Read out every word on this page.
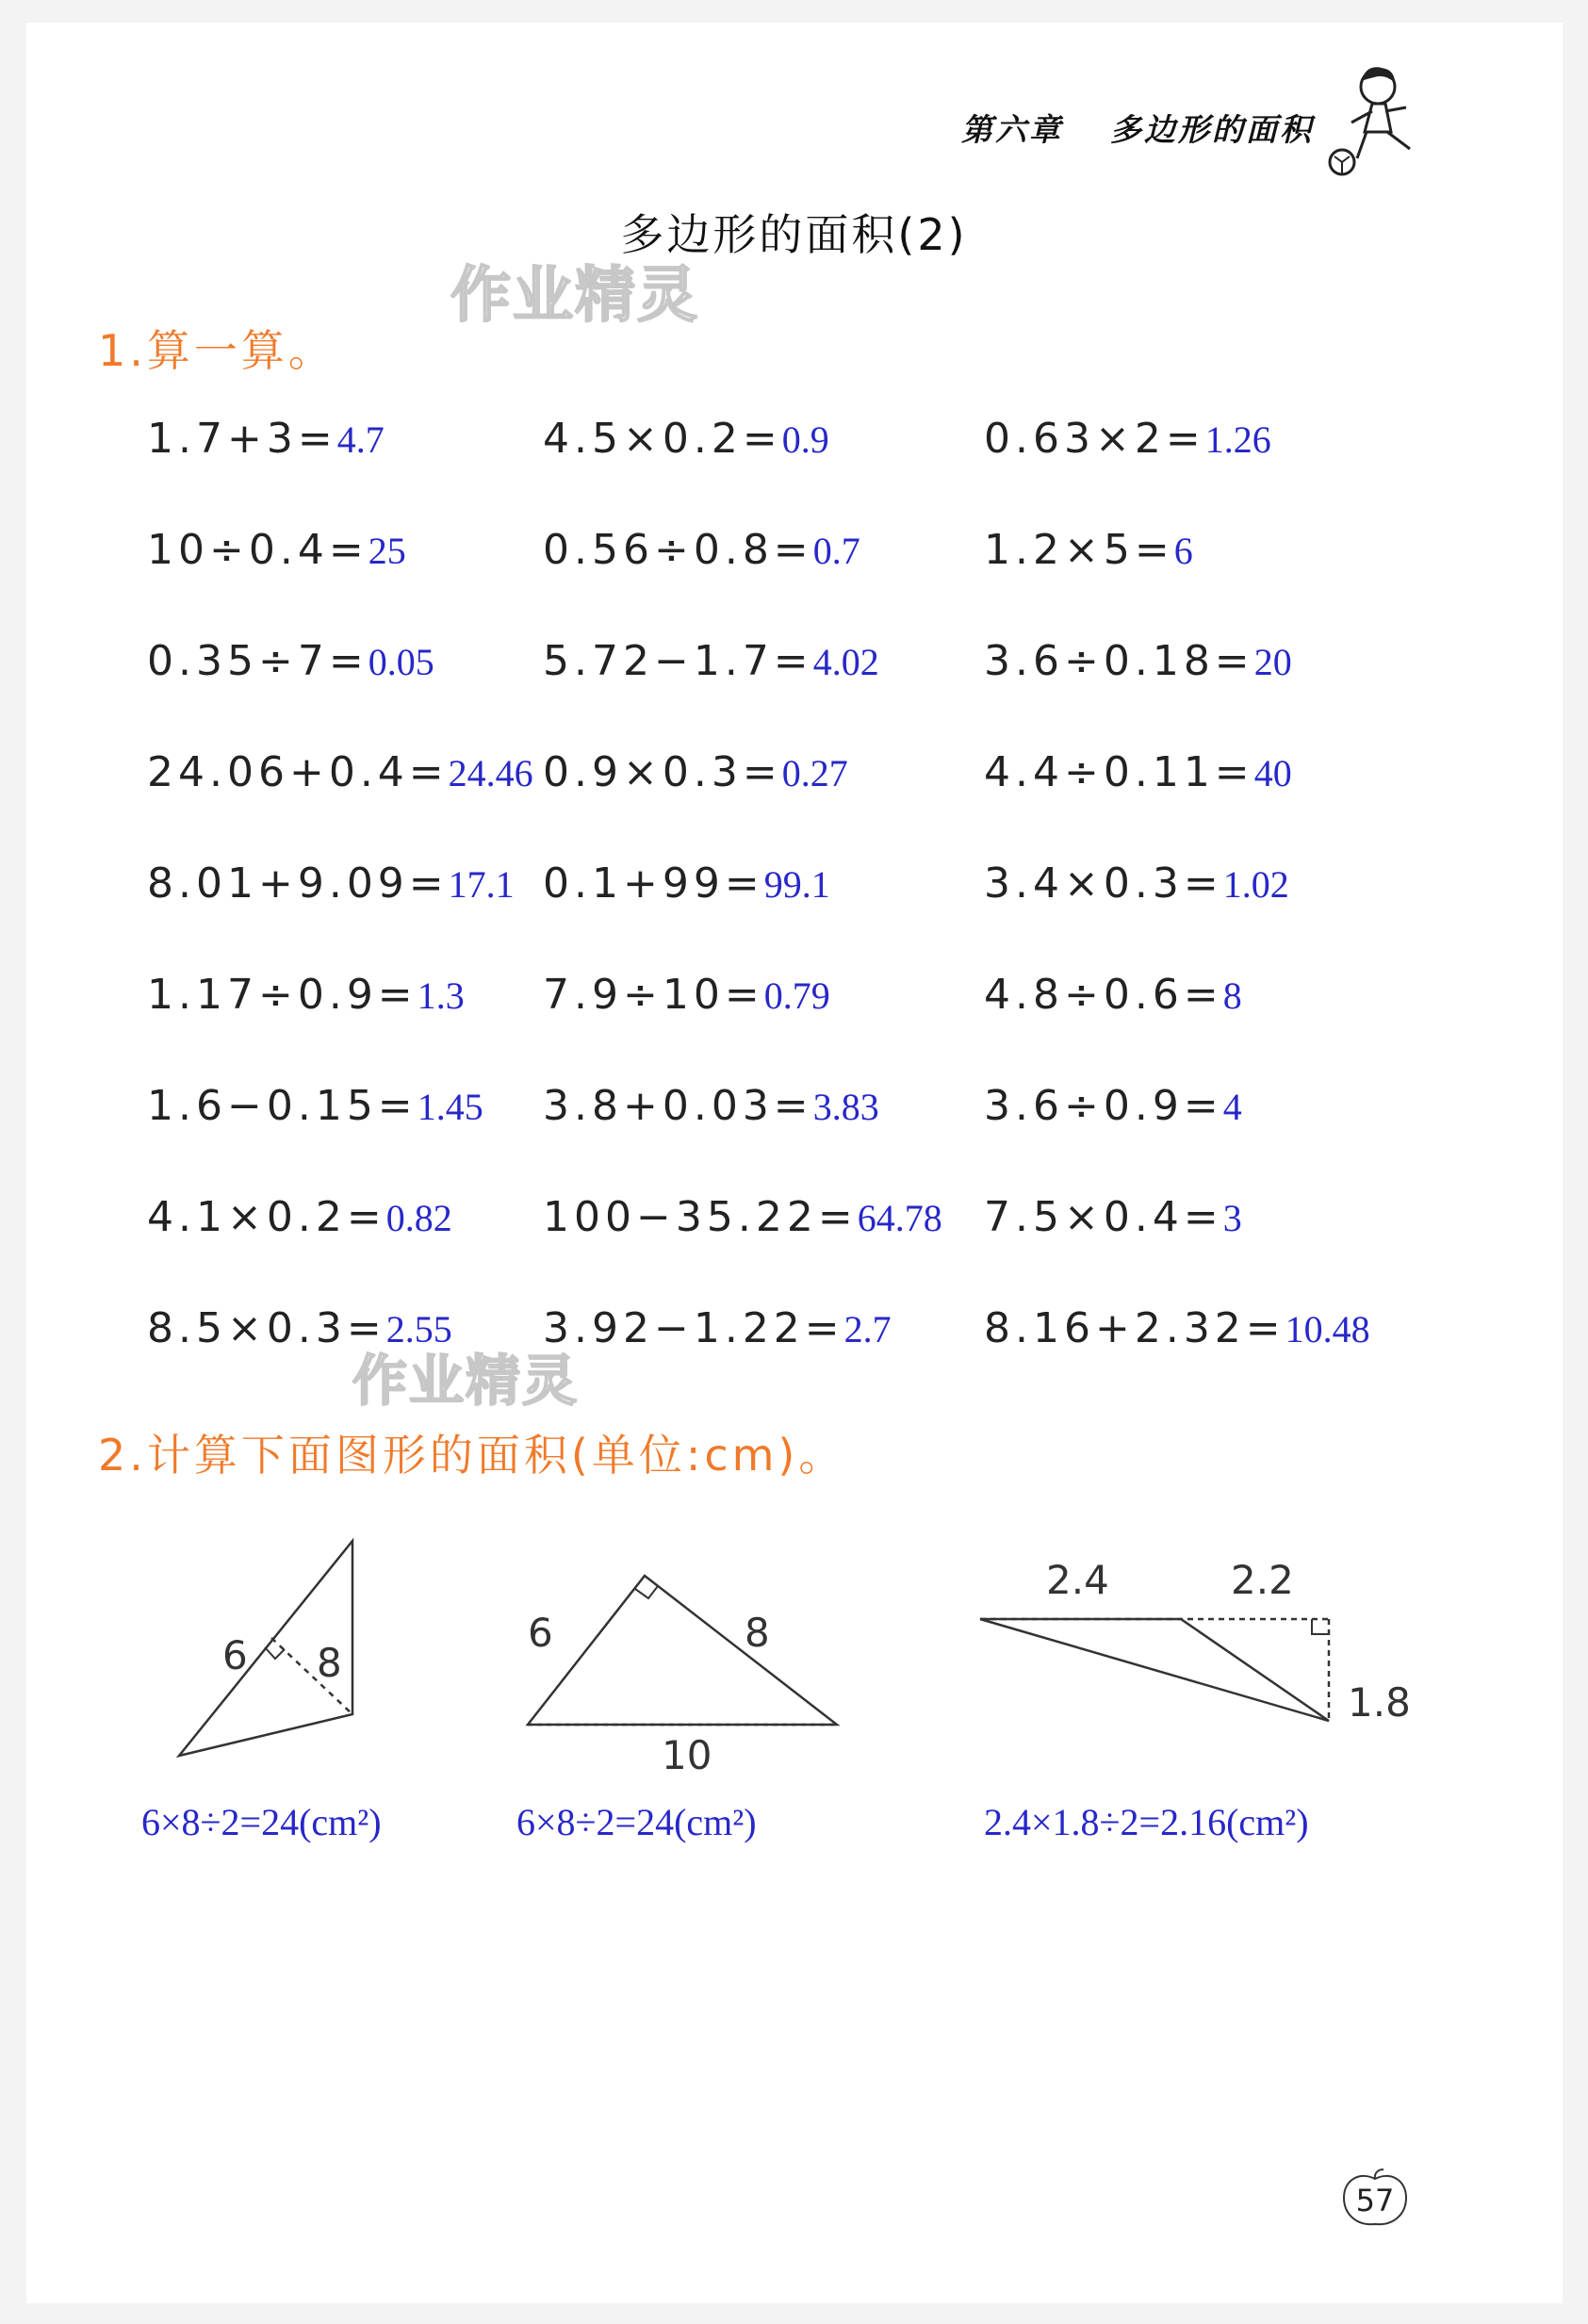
第六章 多边形的面积
多边形的面积(2)
作业精灵
作业精灵
1.算一算。
1.7+3=4.7	4.5×0.2=0.9	0.63×2=1.26
10÷0.4=25	0.56÷0.8=0.7	1.2×5=6
0.35÷7=0.05	5.72−1.7=4.02	3.6÷0.18=20
24.06+0.4=24.46 0.9×0.3=0.27	4.4÷0.11=40
8.01+9.09=17.1 0.1+99=99.1	3.4×0.3=1.02
1.17÷0.9=1.3 7.9÷10=0.79	4.8÷0.6=8
1.6−0.15=1.45 3.8+0.03=3.83	3.6÷0.9=4
4.1×0.2=0.82 100−35.22=64.78 7.5×0.4=3
8.5×0.3=2.55 3.92−1.22=2.7 8.16+2.32=10.48
2.计算下面图形的面积(单位:cm)。
6 8
6×8÷2=24(cm²)
6	8
10
6×8÷2=24(cm²)
2.4	2.2
1.8
2.4×1.8÷2=2.16(cm²)
57
